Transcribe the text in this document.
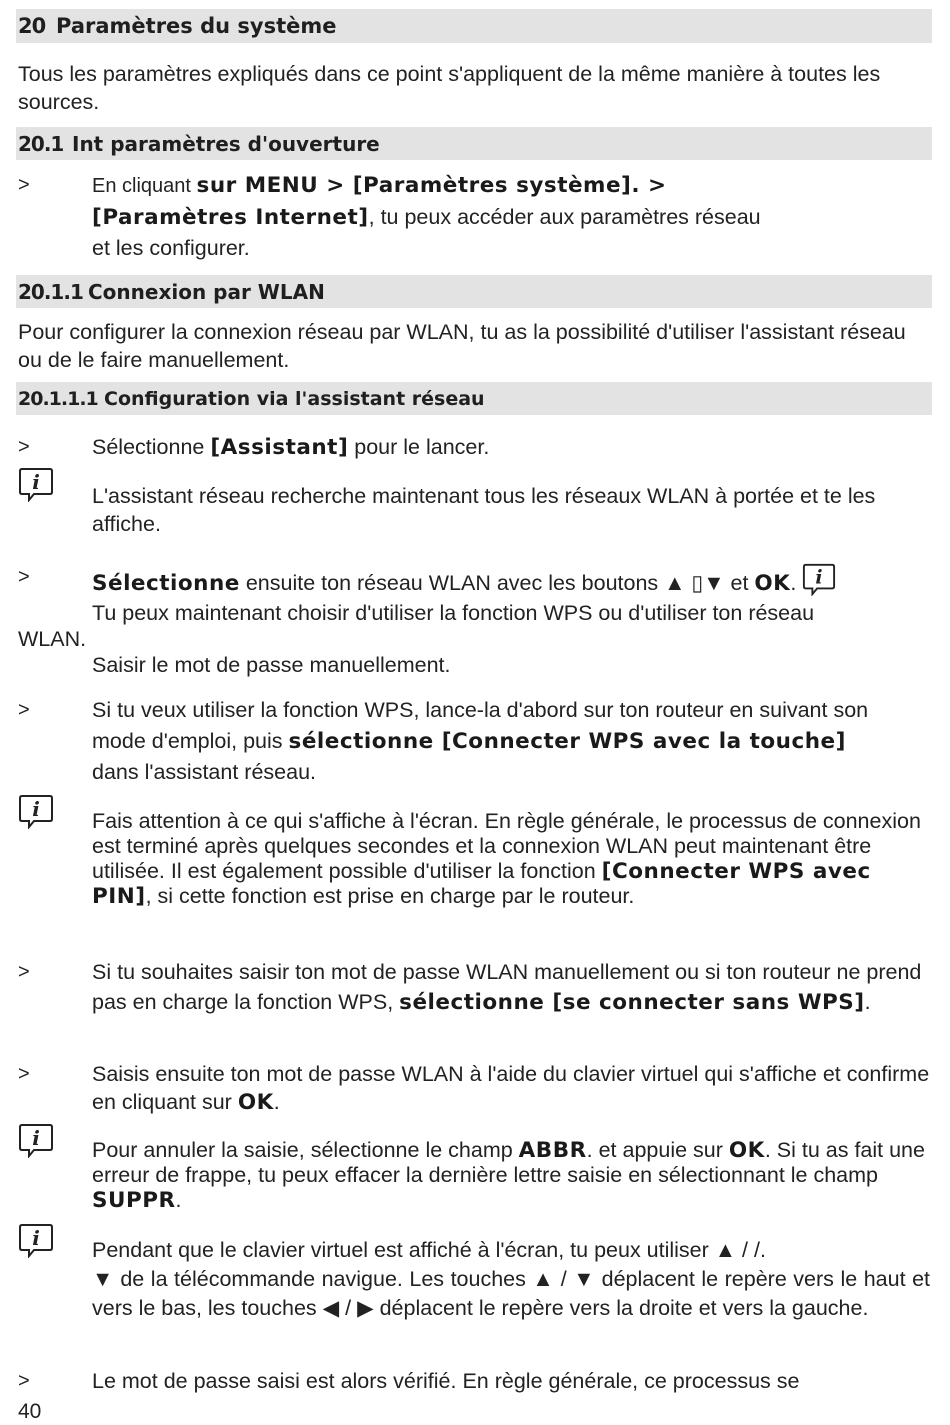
20 Paramètres du système
Tous les paramètres expliqués dans ce point s'appliquent de la même manière à toutes les sources.
20.1 Int paramètres d'ouverture
>	En cliquant sur MENU > [Paramètres système]. > [Paramètres Internet], tu peux accéder aux paramètres réseau et les configurer.
20.1.1 Connexion par WLAN
Pour configurer la connexion réseau par WLAN, tu as la possibilité d'utiliser l'assistant réseau ou de le faire manuellement.
20.1.1.1 Configuration via l'assistant réseau
>	Sélectionne [Assistant] pour le lancer.
i
L'assistant réseau recherche maintenant tous les réseaux WLAN à portée et te les affiche.
>	Sélectionne ensuite ton réseau WLAN avec les boutons ▲ ▯▼ et OK. i
Tu peux maintenant choisir d'utiliser la fonction WPS ou d'utiliser ton réseau
WLAN.
Saisir le mot de passe manuellement.
>	Si tu veux utiliser la fonction WPS, lance-la d'abord sur ton routeur en suivant son mode d'emploi, puis sélectionne [Connecter WPS avec la touche] dans l'assistant réseau.
i Fais attention à ce qui s'affiche à l'écran. En règle générale, le processus de connexion est terminé après quelques secondes et la connexion WLAN peut maintenant être utilisée. Il est également possible d'utiliser la fonction [Connecter WPS avec PIN], si cette fonction est prise en charge par le routeur.
>	Si tu souhaites saisir ton mot de passe WLAN manuellement ou si ton routeur ne prend pas en charge la fonction WPS, sélectionne [se connecter sans WPS].
>	Saisis ensuite ton mot de passe WLAN à l'aide du clavier virtuel qui s'affiche et confirme en cliquant sur OK.
i Pour annuler la saisie, sélectionne le champ ABBR. et appuie sur OK. Si tu as fait une erreur de frappe, tu peux effacer la dernière lettre saisie en sélectionnant le champ SUPPR.
i Pendant que le clavier virtuel est affiché à l'écran, tu peux utiliser ▲ / /.
▼ de la télécommande navigue. Les touches ▲ / ▼ déplacent le repère vers le haut et vers le bas, les touches ◀ / ▶ déplacent le repère vers la droite et vers la gauche.
>	Le mot de passe saisi est alors vérifié. En règle générale, ce processus se
40
